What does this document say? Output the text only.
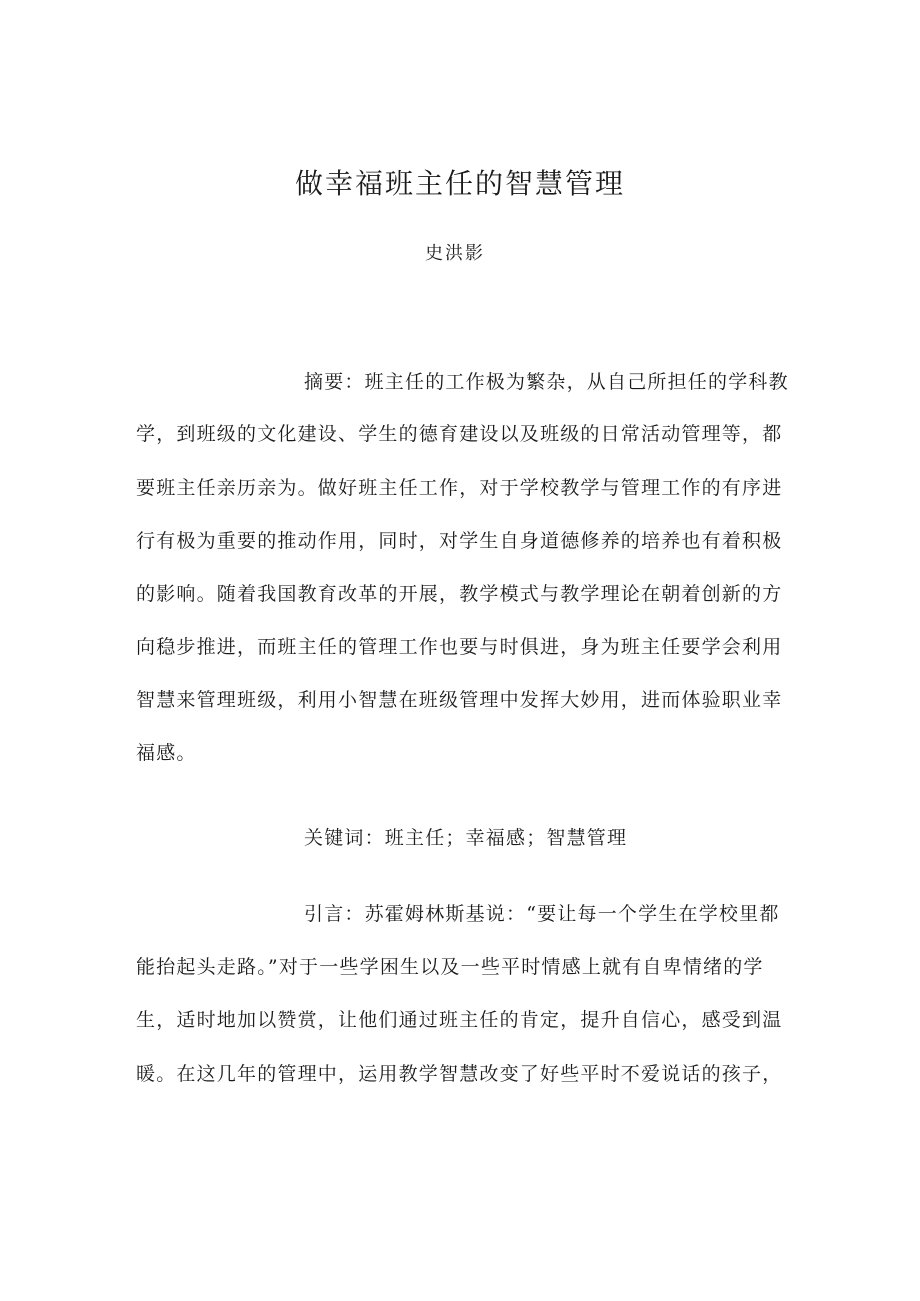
做幸福班主任的智慧管理
史洪影
摘要：班主任的工作极为繁杂，从自己所担任的学科教
学，到班级的文化建设、学生的德育建设以及班级的日常活动管理等，都
要班主任亲历亲为。做好班主任工作，对于学校教学与管理工作的有序进
行有极为重要的推动作用，同时，对学生自身道德修养的培养也有着积极
的影响。随着我国教育改革的开展，教学模式与教学理论在朝着创新的方
向稳步推进，而班主任的管理工作也要与时俱进，身为班主任要学会利用
智慧来管理班级，利用小智慧在班级管理中发挥大妙用，进而体验职业幸
福感。
关键词：班主任；幸福感；智慧管理
引言：苏霍姆林斯基说：“要让每一个学生在学校里都
能抬起头走路。”对于一些学困生以及一些平时情感上就有自卑情绪的学
生，适时地加以赞赏，让他们通过班主任的肯定，提升自信心，感受到温
暖。在这几年的管理中，运用教学智慧改变了好些平时不爱说话的孩子，
